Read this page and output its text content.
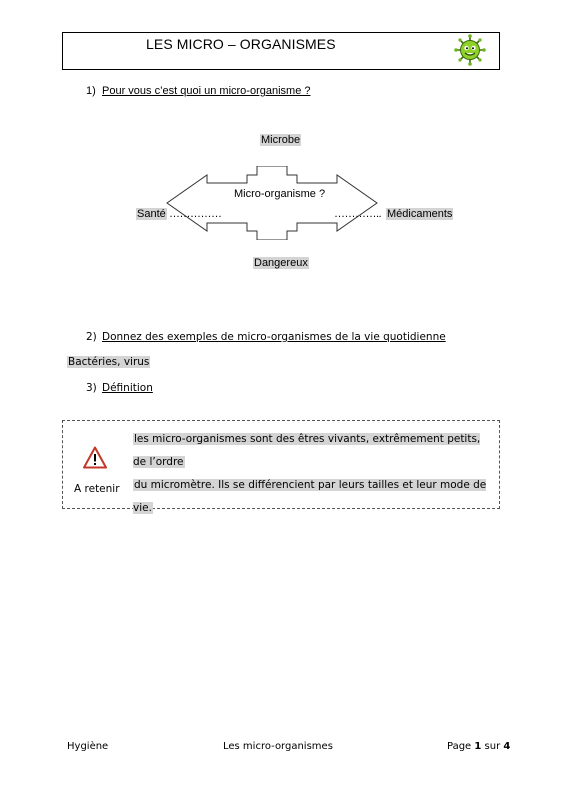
LES MICRO – ORGANISMES
1) Pour vous c’est quoi un micro-organisme ?
Microbe
Micro-organisme ?
Santé ……………	………….. Médicaments
Dangereux
2) Donnez des exemples de micro-organismes de la vie quotidienne
Bactéries, virus
3) Définition
les micro-organismes sont des êtres vivants, extrêmement petits, de l’ordre
du micromètre. Ils se différencient par leurs tailles et leur mode de vie.
A retenir
Hygiène	Les micro-organismes	Page 1 sur 4
